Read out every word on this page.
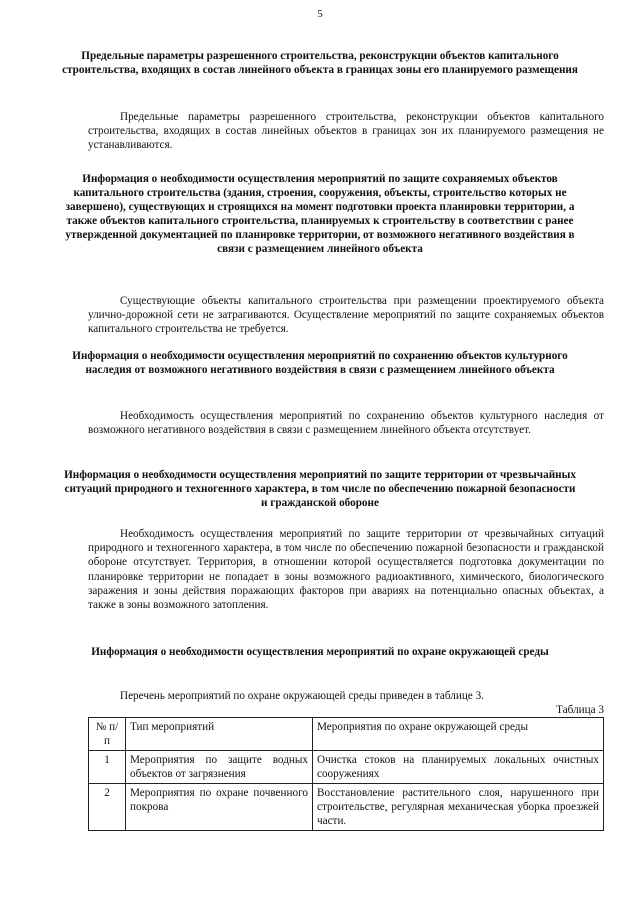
5
Предельные параметры разрешенного строительства, реконструкции объектов капитального строительства, входящих в состав линейного объекта в границах зоны его планируемого размещения
Предельные параметры разрешенного строительства, реконструкции объектов капитального строительства, входящих в состав линейных объектов в границах зон их планируемого размещения не устанавливаются.
Информация о необходимости осуществления мероприятий по защите сохраняемых объектов капитального строительства (здания, строения, сооружения, объекты, строительство которых не завершено), существующих и строящихся на момент подготовки проекта планировки территории, а также объектов капитального строительства, планируемых к строительству в соответствии с ранее утвержденной документацией по планировке территории, от возможного негативного воздействия в связи с размещением линейного объекта
Существующие объекты капитального строительства при размещении проектируемого объекта улично-дорожной сети не затрагиваются. Осуществление мероприятий по защите сохраняемых объектов капитального строительства не требуется.
Информация о необходимости осуществления мероприятий по сохранению объектов культурного наследия от возможного негативного воздействия в связи с размещением линейного объекта
Необходимость осуществления мероприятий по сохранению объектов культурного наследия от возможного негативного воздействия в связи с размещением линейного объекта отсутствует.
Информация о необходимости осуществления мероприятий по защите территории от чрезвычайных ситуаций природного и техногенного характера, в том числе по обеспечению пожарной безопасности и гражданской обороне
Необходимость осуществления мероприятий по защите территории от чрезвычайных ситуаций природного и техногенного характера, в том числе по обеспечению пожарной безопасности и гражданской обороне отсутствует. Территория, в отношении которой осуществляется подготовка документации по планировке территории не попадает в зоны возможного радиоактивного, химического, биологического заражения и зоны действия поражающих факторов при авариях на потенциально опасных объектах, а также в зоны возможного затопления.
Информация о необходимости осуществления мероприятий по охране окружающей среды
Перечень мероприятий по охране окружающей среды приведен в таблице 3.
Таблица 3
№ п/п	Тип мероприятий	Мероприятия по охране окружающей среды
1	Мероприятия по защите водных объектов от загрязнения	Очистка стоков на планируемых локальных очистных сооружениях
2	Мероприятия по охране почвенного покрова	Восстановление растительного слоя, нарушенного при строительстве, регулярная механическая уборка проезжей части.
